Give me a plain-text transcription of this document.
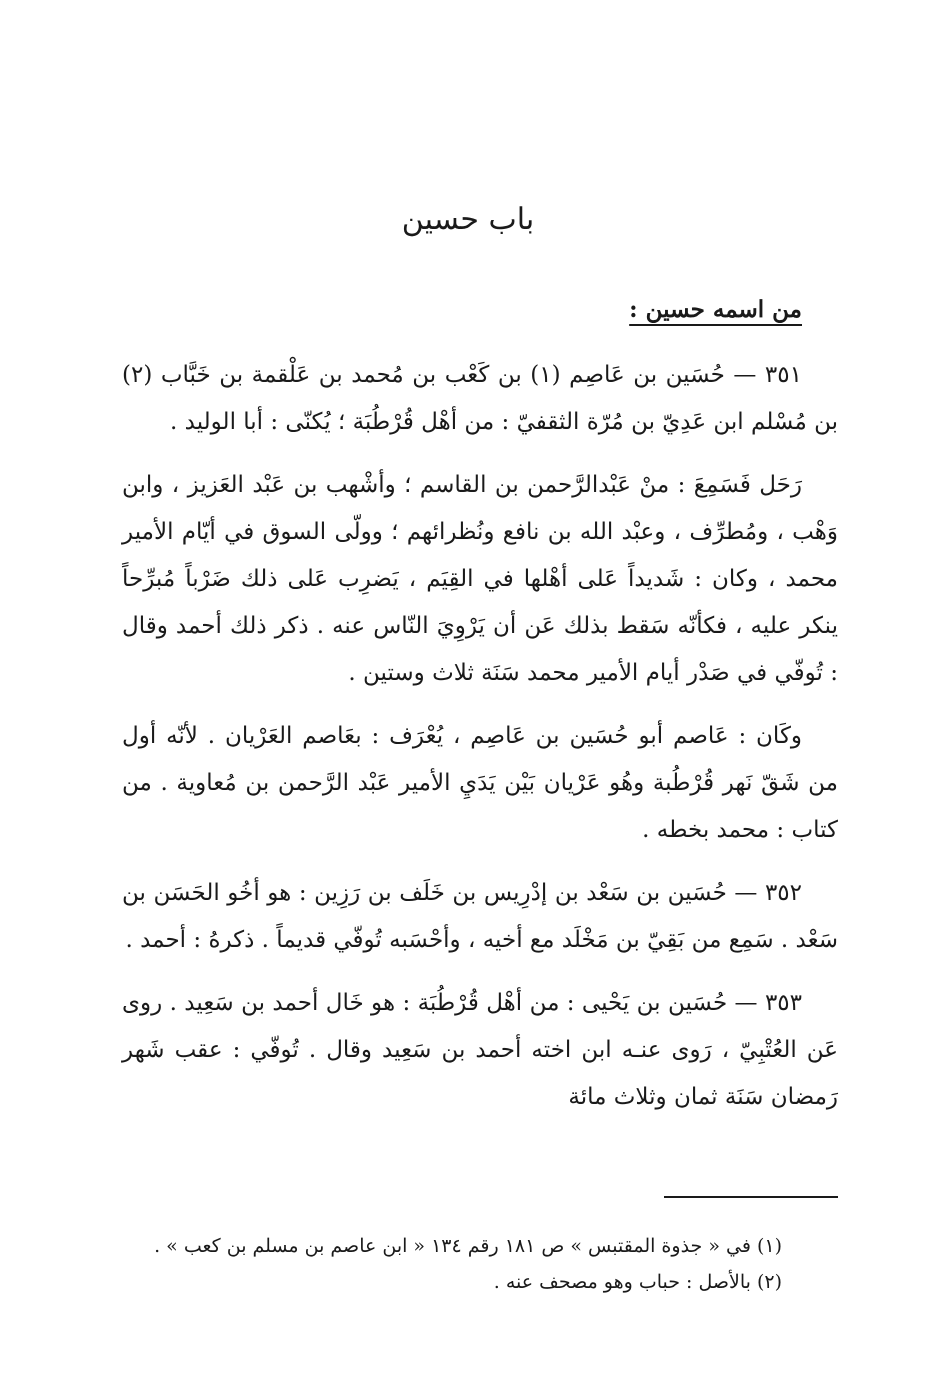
باب حسين
من اسمه حسين :

٣٥١ — حُسَين بن عَاصِم (١) بن كَعْب بن مُحمد بن عَلْقمة بن خَبَّاب (٢) بن مُسْلم ابن عَدِيّ بن مُرّة الثقفيّ : من أهْل قُرْطُبَة ؛ يُكنّى : أبا الوليد .

رَحَل فَسَمِعَ : منْ عَبْدالرَّحمن بن القاسم ؛ وأشْهب بن عَبْد العَزيز ، وابن وَهْب ، ومُطرِّف ، وعبْد الله بن نافع ونُظرائهم ؛ وولّى السوق في أيّام الأمير محمد ، وكان : شَديداً عَلى أهْلها في القِيَم ، يَضرِب عَلى ذلك ضَرْباً مُبرِّحاً ينكر عليه ، فكأنّه سَقط بذلك عَن أن يَرْوِيَ النّاس عنه . ذكر ذلك أحمد وقال : تُوفّي في صَدْر أيام الأمير محمد سَنَة ثلاث وستين .

وكَان : عَاصم أبو حُسَين بن عَاصِم ، يُعْرَف : بعَاصم العَرْيان . لأنّه أول من شَقّ نَهر قُرْطُبة وهُو عَرْيان بَيْن يَدَيِ الأمير عَبْد الرَّحمن بن مُعاوية . من كتاب : محمد بخطه .

٣٥٢ — حُسَين بن سَعْد بن إدْرِيس بن خَلَف بن رَزِين : هو أخُو الحَسَن بن سَعْد . سَمِع من بَقِيّ بن مَخْلَد مع أخيه ، وأحْسَبه تُوفّي قديماً . ذكرهُ : أحمد .

٣٥٣ — حُسَين بن يَحْيى : من أهْل قُرْطُبَة : هو خَال أحمد بن سَعِيد . روى عَن العُتْبِيّ ، رَوى عنـه ابن اخته أحمد بن سَعِيد وقال . تُوفّي : عقب شَهر رَمضان سَنَة ثمان وثلاث مائة

(١) في « جذوة المقتبس » ص ١٨١ رقم ١٣٤ « ابن عاصم بن مسلم بن كعب » .

(٢) بالأصل : حباب وهو مصحف عنه .
